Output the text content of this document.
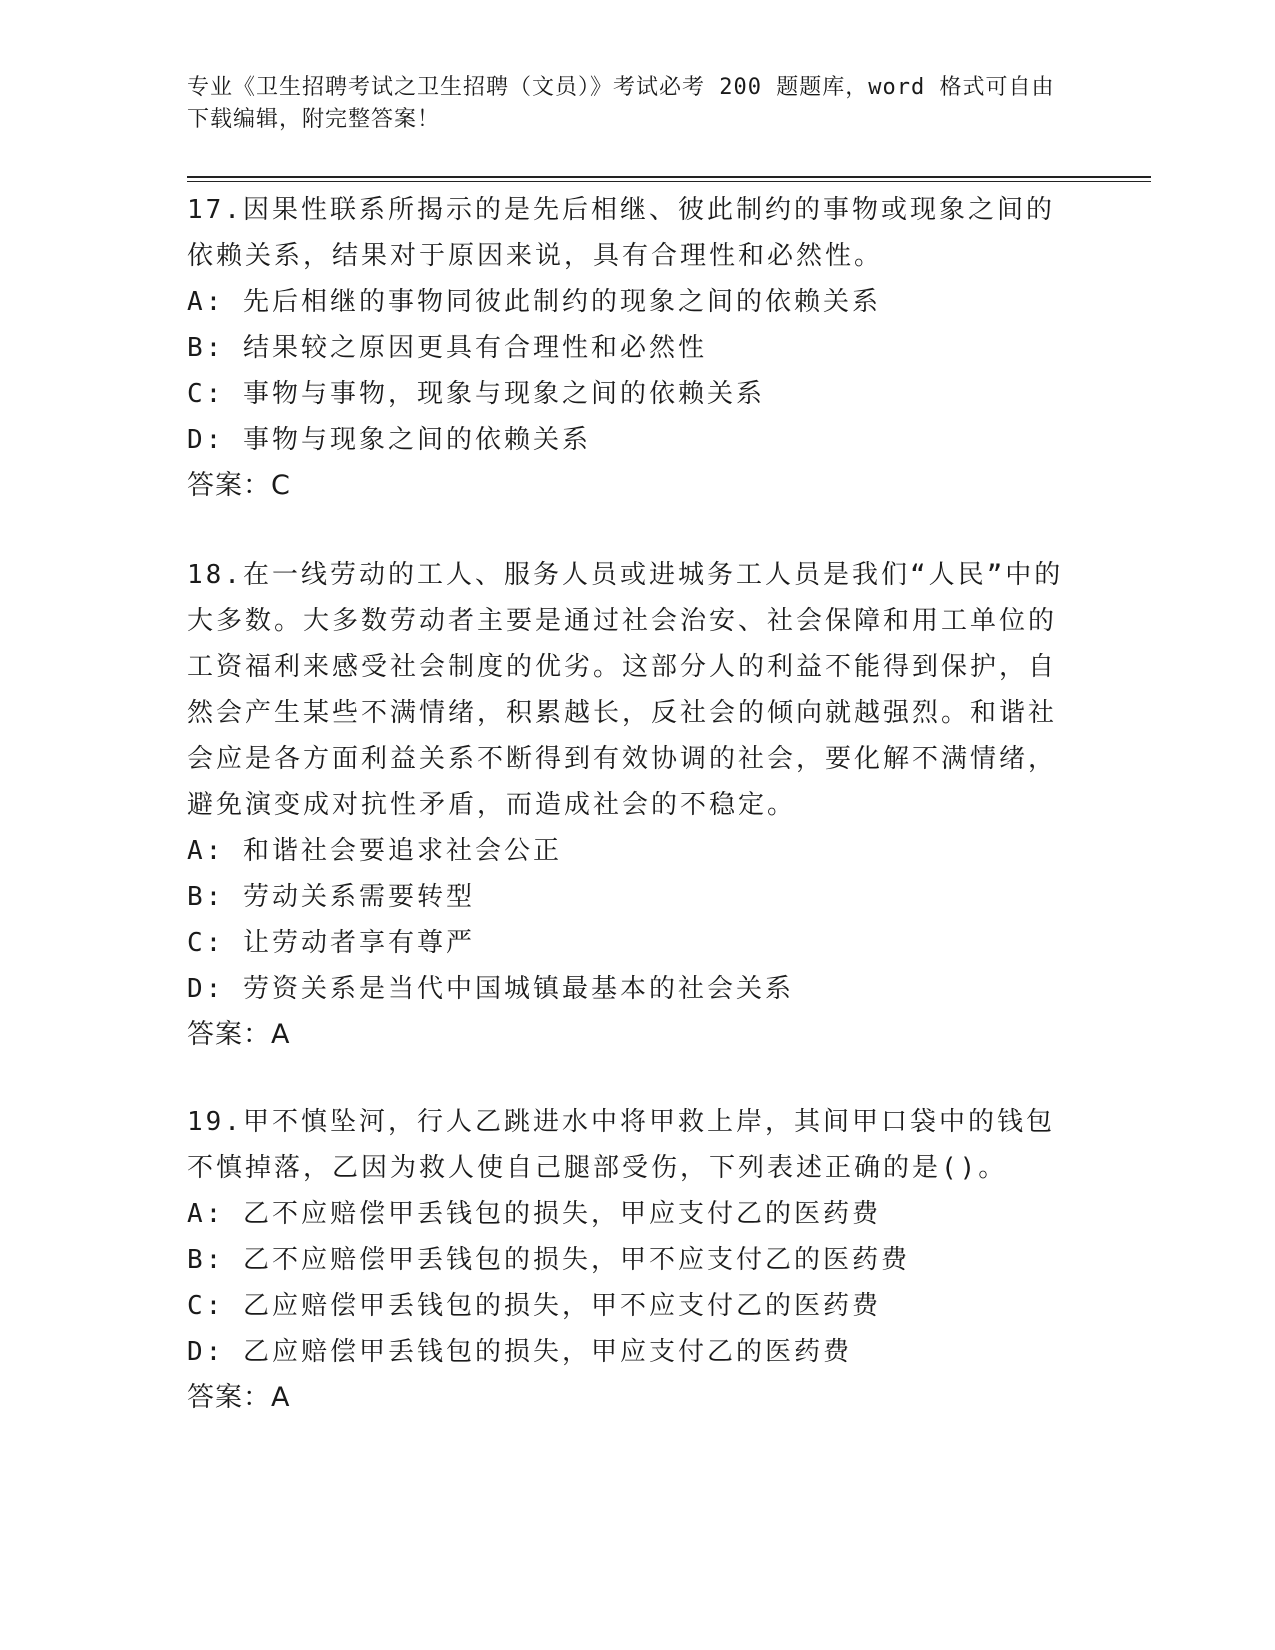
专业《卫生招聘考试之卫生招聘（文员）》考试必考 200 题题库，word 格式可自由下载编辑，附完整答案！
17.因果性联系所揭示的是先后相继、彼此制约的事物或现象之间的依赖关系，结果对于原因来说，具有合理性和必然性。
A: 先后相继的事物同彼此制约的现象之间的依赖关系
B: 结果较之原因更具有合理性和必然性
C: 事物与事物，现象与现象之间的依赖关系
D: 事物与现象之间的依赖关系
答案：C
18.在一线劳动的工人、服务人员或进城务工人员是我们“人民”中的大多数。大多数劳动者主要是通过社会治安、社会保障和用工单位的工资福利来感受社会制度的优劣。这部分人的利益不能得到保护，自然会产生某些不满情绪，积累越长，反社会的倾向就越强烈。和谐社会应是各方面利益关系不断得到有效协调的社会，要化解不满情绪，避免演变成对抗性矛盾，而造成社会的不稳定。
A: 和谐社会要追求社会公正
B: 劳动关系需要转型
C: 让劳动者享有尊严
D: 劳资关系是当代中国城镇最基本的社会关系
答案：A
19.甲不慎坠河，行人乙跳进水中将甲救上岸，其间甲口袋中的钱包不慎掉落，乙因为救人使自己腿部受伤，下列表述正确的是()。
A: 乙不应赔偿甲丢钱包的损失，甲应支付乙的医药费
B: 乙不应赔偿甲丢钱包的损失，甲不应支付乙的医药费
C: 乙应赔偿甲丢钱包的损失，甲不应支付乙的医药费
D: 乙应赔偿甲丢钱包的损失，甲应支付乙的医药费
答案：A
